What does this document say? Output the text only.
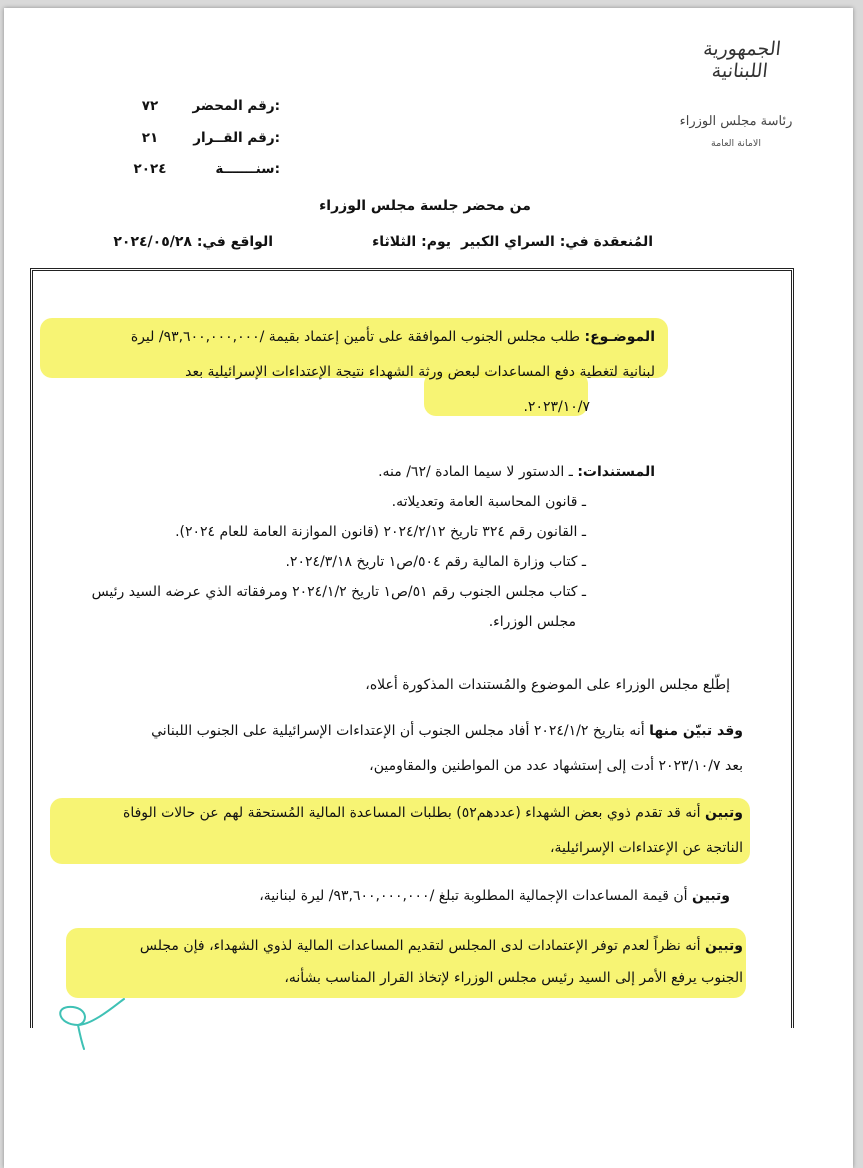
الجمهورية
اللبنانية
رئاسة مجلس الوزراء
الامانة العامة
رقم المحضر:
٧٢
رقم القــرار:
٢١
سنـــــــة:
٢٠٢٤
من محضر جلسة مجلس الوزراء
المُنعقدة في: السراي الكبير
يوم: الثلاثاء
الواقع في: ٢٠٢٤/٠٥/٢٨
الموضـوع: طلب مجلس الجنوب الموافقة على تأمين إعتماد بقيمة /٩٣,٦٠٠,٠٠٠,٠٠٠/ ليرة
لبنانية لتغطية دفع المساعدات لبعض ورثة الشهداء نتيجة الإعتداءات الإسرائيلية بعد
٢٠٢٣/١٠/٧.
المستندات: ـ الدستور لا سيما المادة /٦٢/ منه.
ـ قانون المحاسبة العامة وتعديلاته.
ـ القانون رقم ٣٢٤ تاريخ ٢٠٢٤/٢/١٢ (قانون الموازنة العامة للعام ٢٠٢٤).
ـ كتاب وزارة المالية رقم ٥٠٤/ص١ تاريخ ٢٠٢٤/٣/١٨.
ـ كتاب مجلس الجنوب رقم ٥١/ص١ تاريخ ٢٠٢٤/١/٢ ومرفقاته الذي عرضه السيد رئيس
مجلس الوزراء.
إطّلع مجلس الوزراء على الموضوع والمُستندات المذكورة أعلاه،
وقد تبيّن منها أنه بتاريخ ٢٠٢٤/١/٢ أفاد مجلس الجنوب أن الإعتداءات الإسرائيلية على الجنوب اللبناني
بعد ٢٠٢٣/١٠/٧ أدت إلى إستشهاد عدد من المواطنين والمقاومين،
وتبين أنه قد تقدم ذوي بعض الشهداء (عددهم٥٢) بطلبات المساعدة المالية المُستحقة لهم عن حالات الوفاة
الناتجة عن الإعتداءات الإسرائيلية،
وتبين أن قيمة المساعدات الإجمالية المطلوبة تبلغ /٩٣,٦٠٠,٠٠٠,٠٠٠/ ليرة لبنانية،
وتبين أنه نظراً لعدم توفر الإعتمادات لدى المجلس لتقديم المساعدات المالية لذوي الشهداء، فإن مجلس
الجنوب يرفع الأمر إلى السيد رئيس مجلس الوزراء لإتخاذ القرار المناسب بشأنه،
